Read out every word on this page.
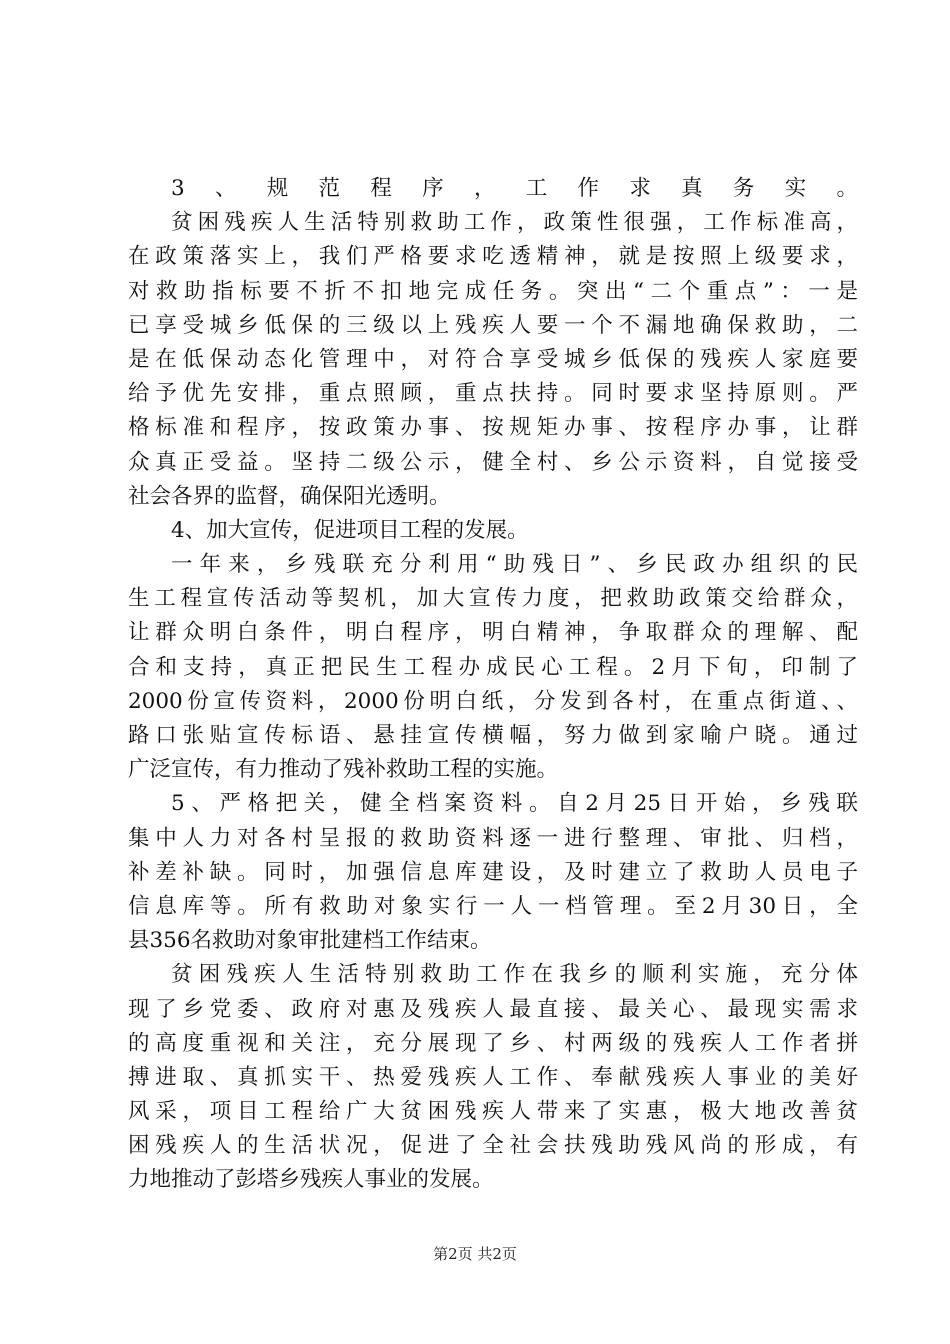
3、规范程序，工作求真务实。
贫困残疾人生活特别救助工作，政策性很强，工作标准高，
在政策落实上，我们严格要求吃透精神，就是按照上级要求，
对救助指标要不折不扣地完成任务。突出“二个重点”：一是
已享受城乡低保的三级以上残疾人要一个不漏地确保救助，二
是在低保动态化管理中，对符合享受城乡低保的残疾人家庭要
给予优先安排，重点照顾，重点扶持。同时要求坚持原则。严
格标准和程序，按政策办事、按规矩办事、按程序办事，让群
众真正受益。坚持二级公示，健全村、乡公示资料，自觉接受
社会各界的监督，确保阳光透明。
4、加大宣传，促进项目工程的发展。
一年来，乡残联充分利用“助残日”、乡民政办组织的民
生工程宣传活动等契机，加大宣传力度，把救助政策交给群众，
让群众明白条件，明白程序，明白精神，争取群众的理解、配
合和支持，真正把民生工程办成民心工程。2月下旬，印制了
2000份宣传资料，2000份明白纸，分发到各村，在重点街道、、
路口张贴宣传标语、悬挂宣传横幅，努力做到家喻户晓。通过
广泛宣传，有力推动了残补救助工程的实施。
5、严格把关，健全档案资料。自2月25日开始，乡残联
集中人力对各村呈报的救助资料逐一进行整理、审批、归档，
补差补缺。同时，加强信息库建设，及时建立了救助人员电子
信息库等。所有救助对象实行一人一档管理。至2月30日，全
县356名救助对象审批建档工作结束。
贫困残疾人生活特别救助工作在我乡的顺利实施，充分体
现了乡党委、政府对惠及残疾人最直接、最关心、最现实需求
的高度重视和关注，充分展现了乡、村两级的残疾人工作者拼
搏进取、真抓实干、热爱残疾人工作、奉献残疾人事业的美好
风采，项目工程给广大贫困残疾人带来了实惠，极大地改善贫
困残疾人的生活状况，促进了全社会扶残助残风尚的形成，有
力地推动了彭塔乡残疾人事业的发展。
第2页 共2页
